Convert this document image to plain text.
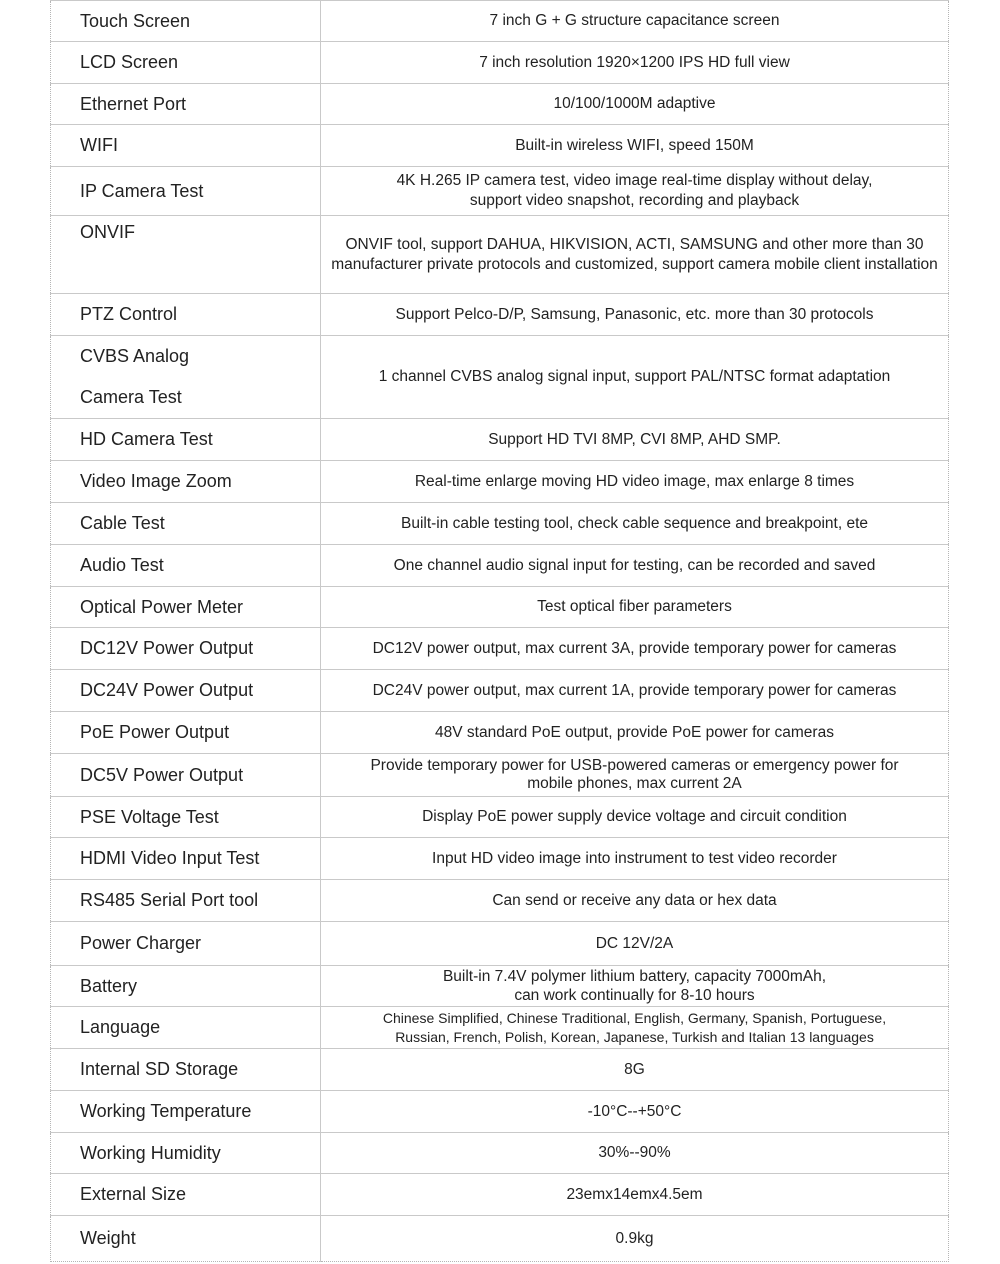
Touch Screen	7 inch G + G structure capacitance screen

LCD Screen	7 inch resolution 1920×1200 IPS HD full view

Ethernet Port	10/100/1000M adaptive

WIFI	Built-in wireless WIFI, speed 150M

IP Camera Test	4K H.265 IP camera test, video image real-time display without delay,
support video snapshot, recording and playback

ONVIF	ONVIF tool, support DAHUA, HIKVISION, ACTI, SAMSUNG and other more than 30
manufacturer private protocols and customized, support camera mobile client installation

PTZ Control	Support Pelco-D/P, Samsung, Panasonic, etc. more than 30 protocols

CVBS Analog
Camera Test	1 channel CVBS analog signal input, support PAL/NTSC format adaptation

HD Camera Test	Support HD TVI 8MP, CVI 8MP, AHD SMP.

Video Image Zoom	Real-time enlarge moving HD video image, max enlarge 8 times

Cable Test	Built-in cable testing tool, check cable sequence and breakpoint, ete

Audio Test	One channel audio signal input for testing, can be recorded and saved

Optical Power Meter	Test optical fiber parameters

DC12V Power Output	DC12V power output, max current 3A, provide temporary power for cameras

DC24V Power Output	DC24V power output, max current 1A, provide temporary power for cameras

PoE Power Output	48V standard PoE output, provide PoE power for cameras

DC5V Power Output	Provide temporary power for USB-powered cameras or emergency power for
mobile phones, max current 2A

PSE Voltage Test	Display PoE power supply device voltage and circuit condition

HDMI Video Input Test	Input HD video image into instrument to test video recorder

RS485 Serial Port tool	Can send or receive any data or hex data

Power Charger	DC 12V/2A

Battery	Built-in 7.4V polymer lithium battery, capacity 7000mAh,
can work continually for 8-10 hours

Language	Chinese Simplified, Chinese Traditional, English, Germany, Spanish, Portuguese,
Russian, French, Polish, Korean, Japanese, Turkish and Italian 13 languages

Internal SD Storage	8G

Working Temperature	-10°C--+50°C

Working Humidity	30%--90%

External Size	23emx14emx4.5em

Weight	0.9kg
